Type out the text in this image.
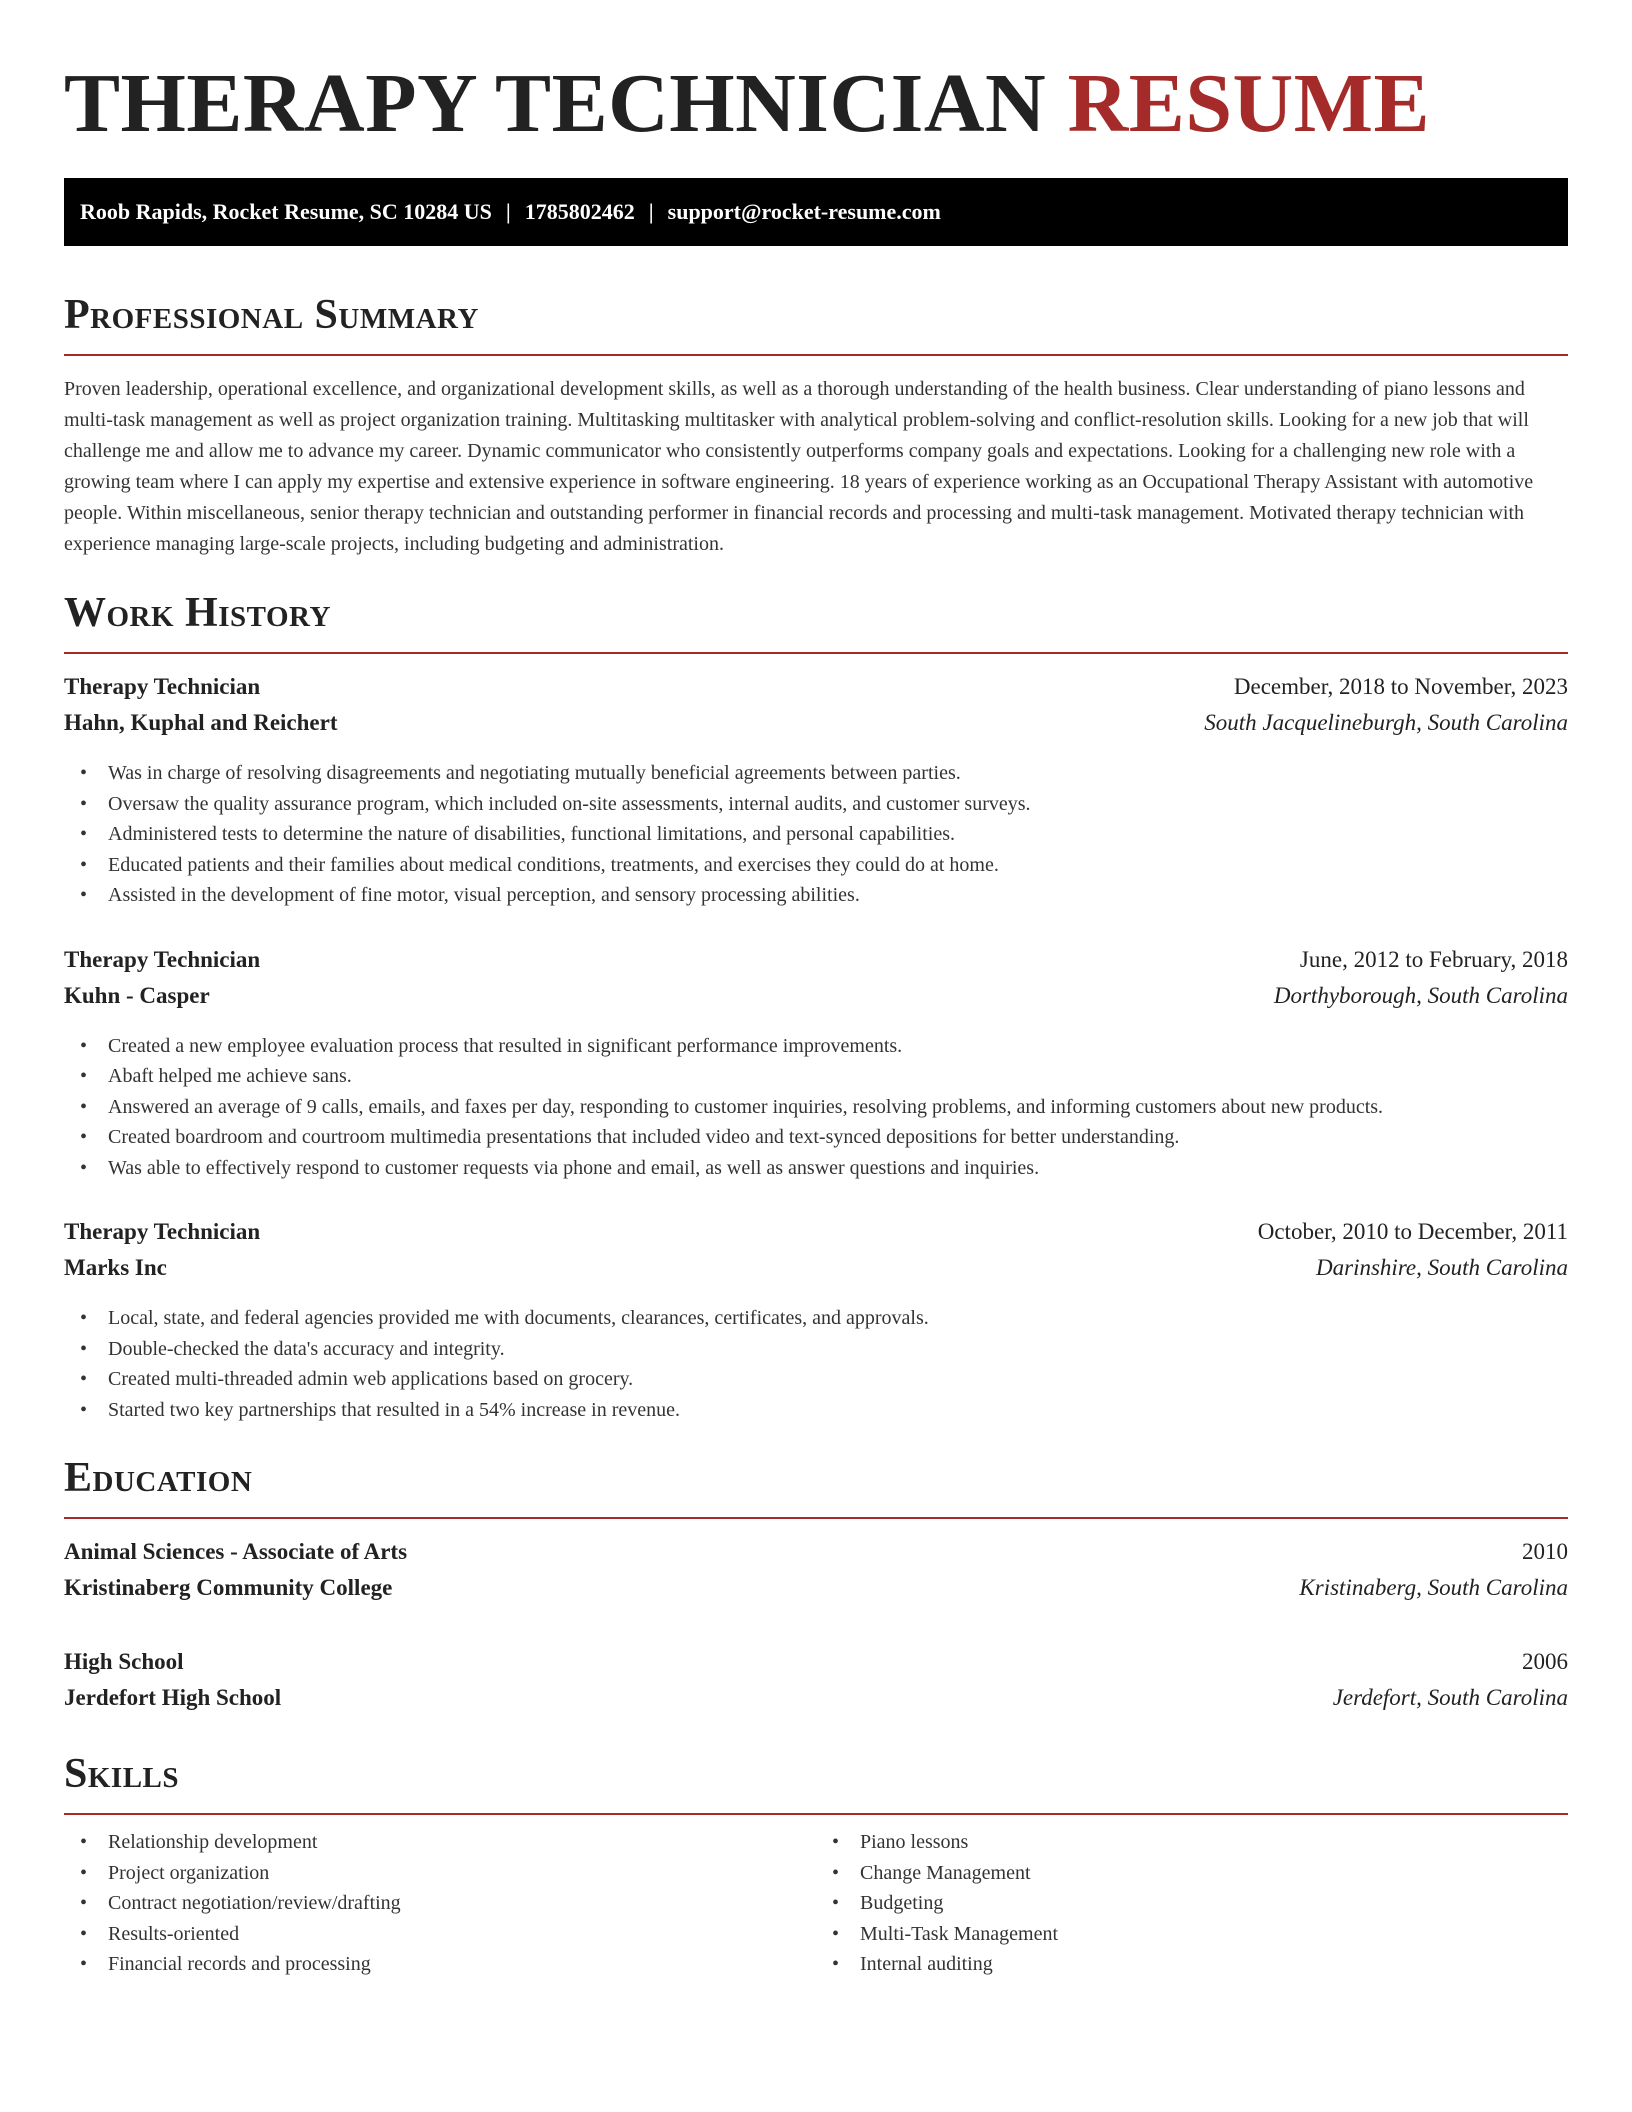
THERAPY TECHNICIAN RESUME
Roob Rapids, Rocket Resume, SC 10284 US | 1785802462 | support@rocket-resume.com
Professional Summary

Proven leadership, operational excellence, and organizational development skills, as well as a thorough understanding of the health business. Clear understanding of piano lessons and multi-task management as well as project organization training. Multitasking multitasker with analytical problem-solving and conflict-resolution skills. Looking for a new job that will challenge me and allow me to advance my career. Dynamic communicator who consistently outperforms company goals and expectations. Looking for a challenging new role with a growing team where I can apply my expertise and extensive experience in software engineering. 18 years of experience working as an Occupational Therapy Assistant with automotive people. Within miscellaneous, senior therapy technician and outstanding performer in financial records and processing and multi-task management. Motivated therapy technician with experience managing large-scale projects, including budgeting and administration.

Work History
Therapy Technician	December, 2018 to November, 2023
Hahn, Kuphal and Reichert	South Jacquelineburgh, South Carolina
• Was in charge of resolving disagreements and negotiating mutually beneficial agreements between parties.
• Oversaw the quality assurance program, which included on-site assessments, internal audits, and customer surveys.
• Administered tests to determine the nature of disabilities, functional limitations, and personal capabilities.
• Educated patients and their families about medical conditions, treatments, and exercises they could do at home.
• Assisted in the development of fine motor, visual perception, and sensory processing abilities.
Therapy Technician	June, 2012 to February, 2018
Kuhn - Casper	Dorthyborough, South Carolina
• Created a new employee evaluation process that resulted in significant performance improvements.
• Abaft helped me achieve sans.
• Answered an average of 9 calls, emails, and faxes per day, responding to customer inquiries, resolving problems, and informing customers about new products.
• Created boardroom and courtroom multimedia presentations that included video and text-synced depositions for better understanding.
• Was able to effectively respond to customer requests via phone and email, as well as answer questions and inquiries.
Therapy Technician	October, 2010 to December, 2011
Marks Inc	Darinshire, South Carolina
• Local, state, and federal agencies provided me with documents, clearances, certificates, and approvals.
• Double-checked the data's accuracy and integrity.
• Created multi-threaded admin web applications based on grocery.
• Started two key partnerships that resulted in a 54% increase in revenue.
Education
Animal Sciences - Associate of Arts	2010
Kristinaberg Community College	Kristinaberg, South Carolina
High School	2006
Jerdefort High School	Jerdefort, South Carolina
Skills
• Relationship development
• Project organization
• Contract negotiation/review/drafting
• Results-oriented
• Financial records and processing
• Piano lessons
• Change Management
• Budgeting
• Multi-Task Management
• Internal auditing
